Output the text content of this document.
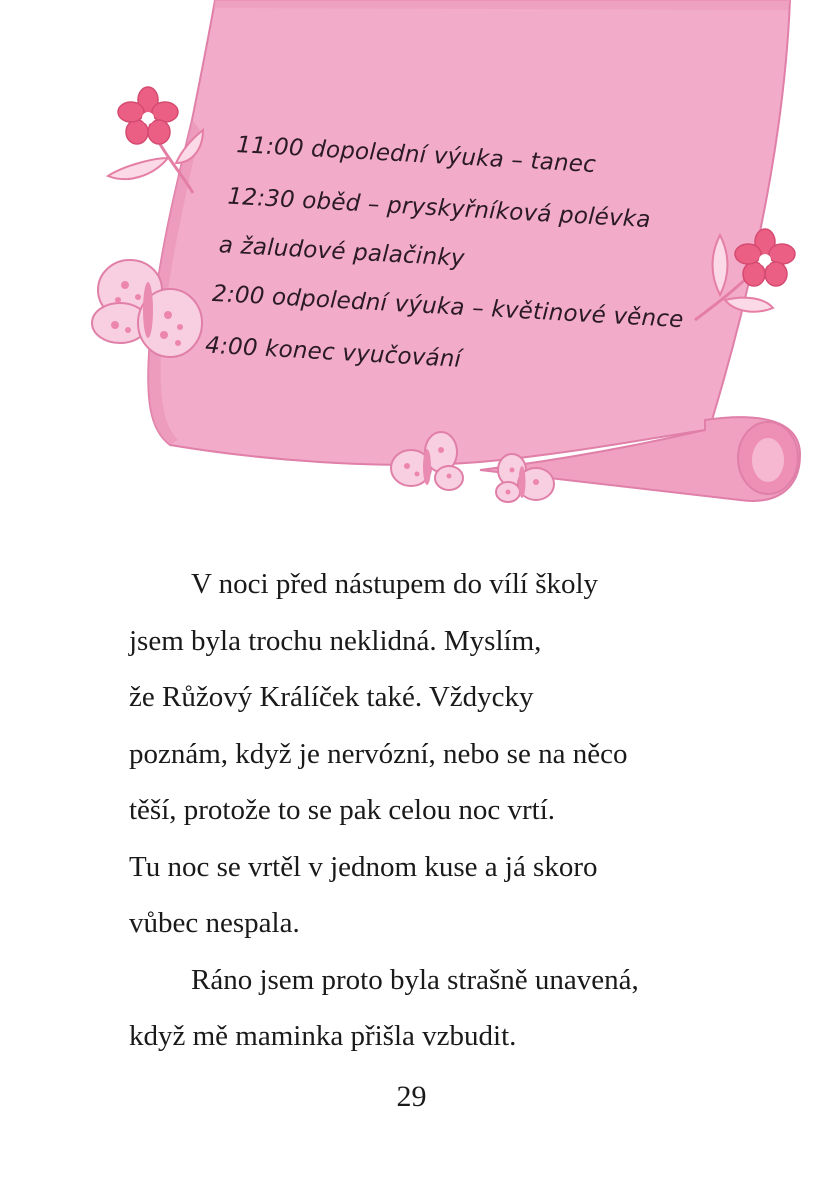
11:00 dopolední výuka – tanec
12:30 oběd – pryskyřníková polévka
a žaludové palačinky
2:00 odpolední výuka – květinové věnce
4:00 konec vyučování

V noci před nástupem do vílí školy
jsem byla trochu neklidná. Myslím,
že Růžový Králíček také. Vždycky
poznám, když je nervózní, nebo se na něco
těší, protože to se pak celou noc vrtí.
Tu noc se vrtěl v jednom kuse a já skoro
vůbec nespala.

Ráno jsem proto byla strašně unavená,
když mě maminka přišla vzbudit.

29
